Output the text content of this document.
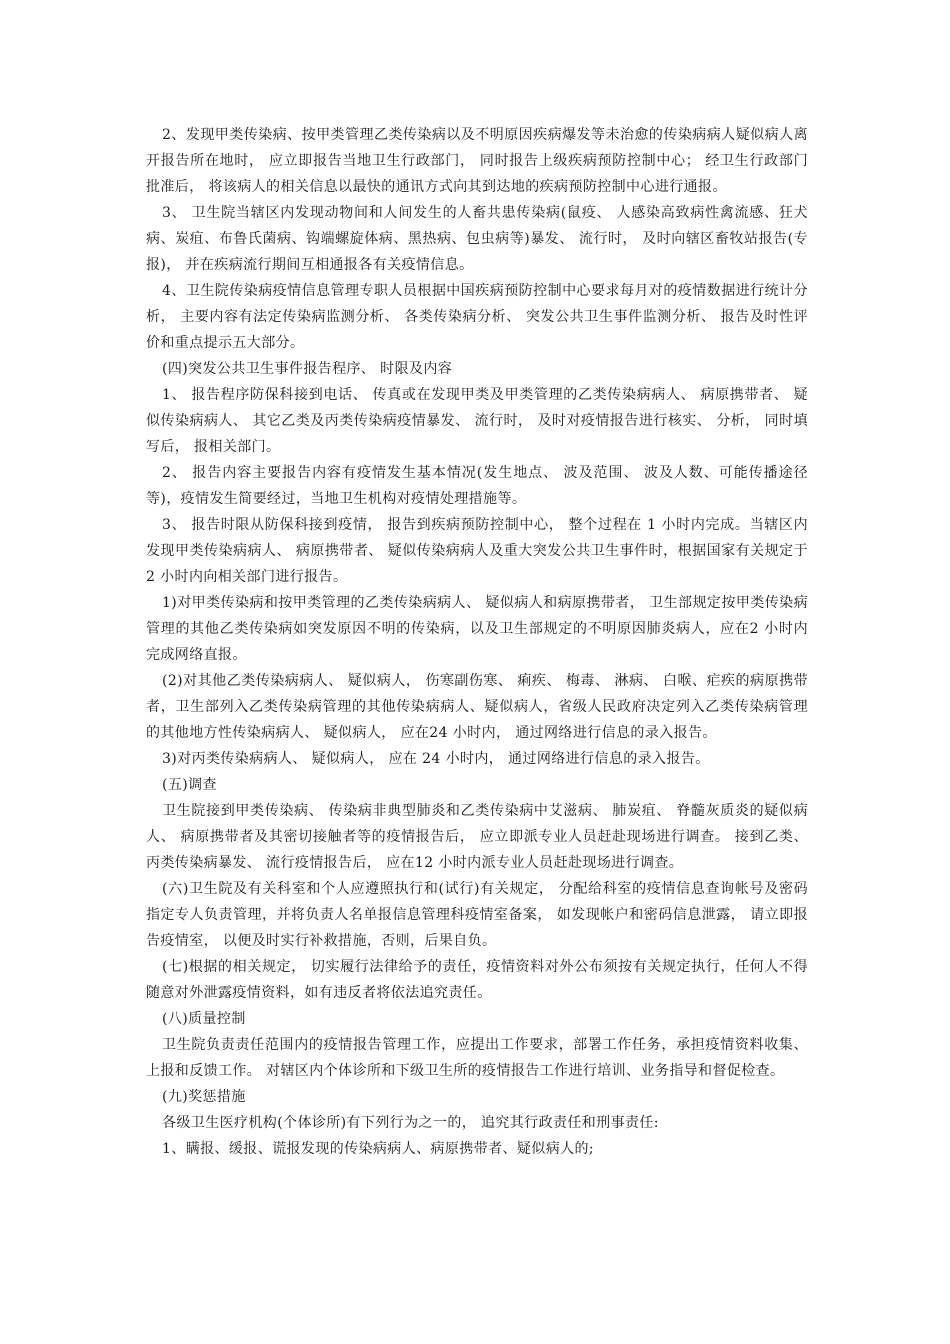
2、发现甲类传染病、按甲类管理乙类传染病以及不明原因疾病爆发等未治愈的传染病病人疑似病人离开报告所在地时， 应立即报告当地卫生行政部门， 同时报告上级疾病预防控制中心； 经卫生行政部门批准后， 将该病人的相关信息以最快的通讯方式向其到达地的疾病预防控制中心进行通报。

3、 卫生院当辖区内发现动物间和人间发生的人畜共患传染病(鼠疫、 人感染高致病性禽流感、狂犬病、炭疽、布鲁氏菌病、钩端螺旋体病、黑热病、包虫病等)暴发、 流行时， 及时向辖区畜牧站报告(专报)， 并在疾病流行期间互相通报各有关疫情信息。

4、卫生院传染病疫情信息管理专职人员根据中国疾病预防控制中心要求每月对的疫情数据进行统计分析， 主要内容有法定传染病监测分析、 各类传染病分析、 突发公共卫生事件监测分析、 报告及时性评价和重点提示五大部分。

(四)突发公共卫生事件报告程序、 时限及内容

1、 报告程序防保科接到电话、 传真或在发现甲类及甲类管理的乙类传染病病人、 病原携带者、 疑似传染病病人、 其它乙类及丙类传染病疫情暴发、 流行时， 及时对疫情报告进行核实、 分析， 同时填写后， 报相关部门。

2、 报告内容主要报告内容有疫情发生基本情况(发生地点、 波及范围、 波及人数、可能传播途径等)，疫情发生简要经过，当地卫生机构对疫情处理措施等。

3、 报告时限从防保科接到疫情， 报告到疾病预防控制中心， 整个过程在 1 小时内完成。当辖区内发现甲类传染病病人、 病原携带者、 疑似传染病病人及重大突发公共卫生事件时，根据国家有关规定于2 小时内向相关部门进行报告。

1)对甲类传染病和按甲类管理的乙类传染病病人、 疑似病人和病原携带者， 卫生部规定按甲类传染病管理的其他乙类传染病如突发原因不明的传染病，以及卫生部规定的不明原因肺炎病人，应在2 小时内完成网络直报。

(2)对其他乙类传染病病人、 疑似病人， 伤寒副伤寒、 痢疾、 梅毒、 淋病、 白喉、疟疾的病原携带者，卫生部列入乙类传染病管理的其他传染病病人、疑似病人，省级人民政府决定列入乙类传染病管理的其他地方性传染病病人、 疑似病人， 应在24 小时内， 通过网络进行信息的录入报告。

3)对丙类传染病病人、 疑似病人， 应在 24 小时内， 通过网络进行信息的录入报告。

(五)调查

卫生院接到甲类传染病、 传染病非典型肺炎和乙类传染病中艾滋病、 肺炭疽、 脊髓灰质炎的疑似病人、 病原携带者及其密切接触者等的疫情报告后， 应立即派专业人员赶赴现场进行调查。 接到乙类、 丙类传染病暴发、 流行疫情报告后， 应在12 小时内派专业人员赶赴现场进行调查。

(六)卫生院及有关科室和个人应遵照执行和(试行)有关规定， 分配给科室的疫情信息查询帐号及密码指定专人负责管理，并将负责人名单报信息管理科疫情室备案， 如发现帐户和密码信息泄露， 请立即报告疫情室， 以便及时实行补救措施，否则，后果自负。

(七)根据的相关规定， 切实履行法律给予的责任，疫情资料对外公布须按有关规定执行，任何人不得随意对外泄露疫情资料，如有违反者将依法追究责任。

(八)质量控制

卫生院负责责任范围内的疫情报告管理工作，应提出工作要求，部署工作任务，承担疫情资料收集、 上报和反馈工作。 对辖区内个体诊所和下级卫生所的疫情报告工作进行培训、业务指导和督促检查。

(九)奖惩措施

各级卫生医疗机构(个体诊所)有下列行为之一的， 追究其行政责任和刑事责任:

1、瞒报、缓报、谎报发现的传染病病人、病原携带者、疑似病人的;
